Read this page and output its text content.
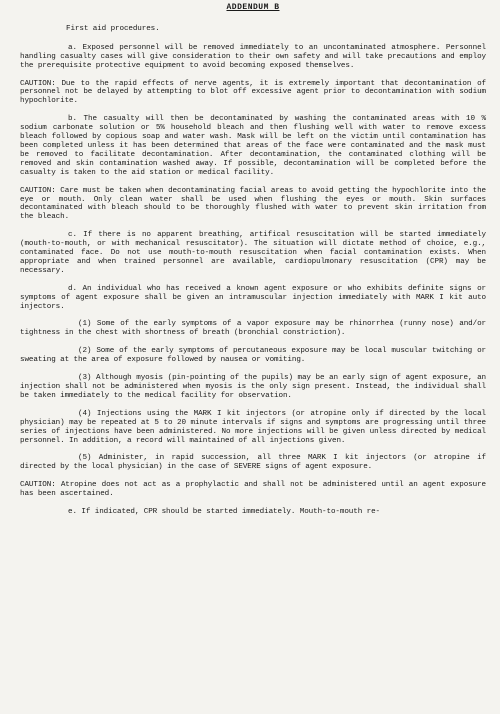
ADDENDUM B
First aid procedures.

a. Exposed personnel will be removed immediately to an uncontaminated atmosphere. Personnel handling casualty cases will give consideration to their own safety and will take precautions and employ the prerequisite protective equipment to avoid becoming exposed themselves.

CAUTION: Due to the rapid effects of nerve agents, it is extremely important that decontamination of personnel not be delayed by attempting to blot off excessive agent prior to decontamination with sodium hypochlorite.

b. The casualty will then be decontaminated by washing the contaminated areas with 10 % sodium carbonate solution or 5% household bleach and then flushing well with water to remove excess bleach followed by copious soap and water wash. Mask will be left on the victim until contamination has been completed unless it has been determined that areas of the face were contaminated and the mask must be removed to facilitate decontamination. After decontamination, the contaminated clothing will be removed and skin contamination washed away. If possible, decontamination will be completed before the casualty is taken to the aid station or medical facility.

CAUTION: Care must be taken when decontaminating facial areas to avoid getting the hypochlorite into the eye or mouth. Only clean water shall be used when flushing the eyes or mouth. Skin surfaces decontaminated with bleach should to be thoroughly flushed with water to prevent skin irritation from the bleach.

c. If there is no apparent breathing, artifical resuscitation will be started immediately (mouth-to-mouth, or with mechanical resuscitator). The situation will dictate method of choice, e.g., contaminated face. Do not use mouth-to-mouth resuscitation when facial contamination exists. When appropriate and when trained personnel are available, cardiopulmonary resuscitation (CPR) may be necessary.

d. An individual who has received a known agent exposure or who exhibits definite signs or symptoms of agent exposure shall be given an intramuscular injection immediately with MARK I kit auto injectors.

(1) Some of the early symptoms of a vapor exposure may be rhinorrhea (runny nose) and/or tightness in the chest with shortness of breath (bronchial constriction).

(2) Some of the early symptoms of percutaneous exposure may be local muscular twitching or sweating at the area of exposure followed by nausea or vomiting.

(3) Although myosis (pin-pointing of the pupils) may be an early sign of agent exposure, an injection shall not be administered when myosis is the only sign present. Instead, the individual shall be taken immediately to the medical facility for observation.

(4) Injections using the MARK I kit injectors (or atropine only if directed by the local physician) may be repeated at 5 to 20 minute intervals if signs and symptoms are progressing until three series of injections have been administered. No more injections will be given unless directed by medical personnel. In addition, a record will maintained of all injections given.

(5) Administer, in rapid succession, all three MARK I kit injectors (or atropine if directed by the local physician) in the case of SEVERE signs of agent exposure.

CAUTION: Atropine does not act as a prophylactic and shall not be administered until an agent exposure has been ascertained.

e. If indicated, CPR should be started immediately. Mouth-to-mouth re-
